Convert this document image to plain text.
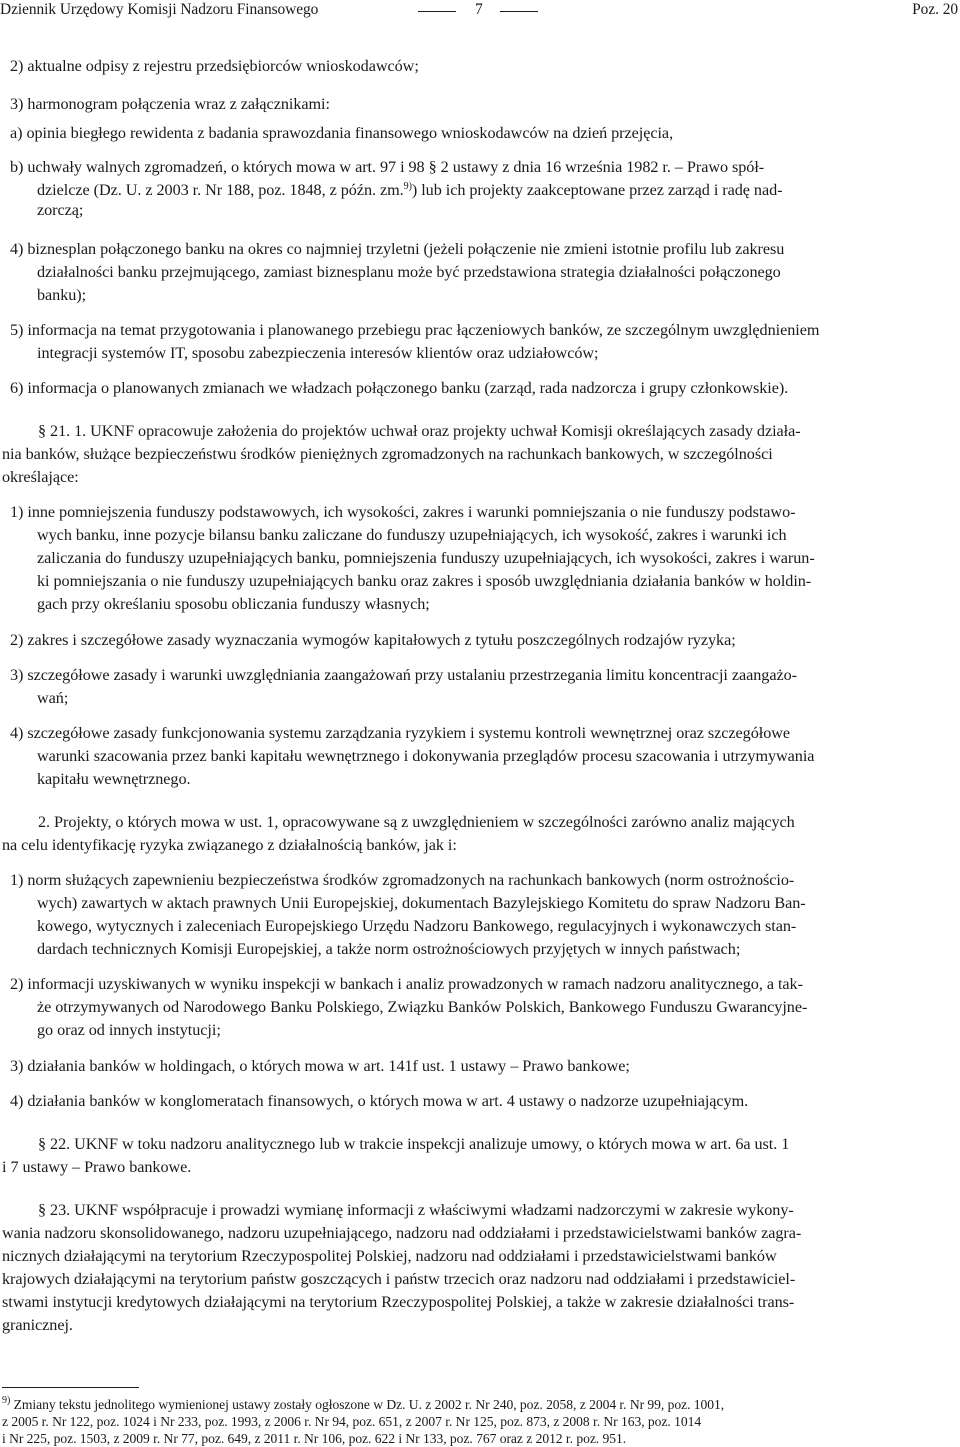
Dziennik Urzędowy Komisji Nadzoru Finansowego	7	Poz. 20
2) aktualne odpisy z rejestru przedsiębiorców wnioskodawców;
3) harmonogram połączenia wraz z załącznikami:
a) opinia biegłego rewidenta z badania sprawozdania finansowego wnioskodawców na dzień przejęcia,
b) uchwały walnych zgromadzeń, o których mowa w art. 97 i 98 § 2 ustawy z dnia 16 września 1982 r. – Prawo spół-
dzielcze (Dz. U. z 2003 r. Nr 188, poz. 1848, z późn. zm.$^{9)}$) lub ich projekty zaakceptowane przez zarząd i radę nad-
zorczą;
4) biznesplan połączonego banku na okres co najmniej trzyletni (jeżeli połączenie nie zmieni istotnie profilu lub zakresu
działalności banku przejmującego, zamiast biznesplanu może być przedstawiona strategia działalności połączonego
banku);
5) informacja na temat przygotowania i planowanego przebiegu prac łączeniowych banków, ze szczególnym uwzględnieniem
integracji systemów IT, sposobu zabezpieczenia interesów klientów oraz udziałowców;
6) informacja o planowanych zmianach we władzach połączonego banku (zarząd, rada nadzorcza i grupy członkowskie).
§ 21. 1. UKNF opracowuje założenia do projektów uchwał oraz projekty uchwał Komisji określających zasady działa-
nia banków, służące bezpieczeństwu środków pieniężnych zgromadzonych na rachunkach bankowych, w szczególności
określające:
1) inne pomniejszenia funduszy podstawowych, ich wysokości, zakres i warunki pomniejszania o nie funduszy podstawo-
wych banku, inne pozycje bilansu banku zaliczane do funduszy uzupełniających, ich wysokość, zakres i warunki ich
zaliczania do funduszy uzupełniających banku, pomniejszenia funduszy uzupełniających, ich wysokości, zakres i warun-
ki pomniejszania o nie funduszy uzupełniających banku oraz zakres i sposób uwzględniania działania banków w holdin-
gach przy określaniu sposobu obliczania funduszy własnych;
2) zakres i szczegółowe zasady wyznaczania wymogów kapitałowych z tytułu poszczególnych rodzajów ryzyka;
3) szczegółowe zasady i warunki uwzględniania zaangażowań przy ustalaniu przestrzegania limitu koncentracji zaangażo-
wań;
4) szczegółowe zasady funkcjonowania systemu zarządzania ryzykiem i systemu kontroli wewnętrznej oraz szczegółowe
warunki szacowania przez banki kapitału wewnętrznego i dokonywania przeglądów procesu szacowania i utrzymywania
kapitału wewnętrznego.
2. Projekty, o których mowa w ust. 1, opracowywane są z uwzględnieniem w szczególności zarówno analiz mających
na celu identyfikację ryzyka związanego z działalnością banków, jak i:
1) norm służących zapewnieniu bezpieczeństwa środków zgromadzonych na rachunkach bankowych (norm ostrożnościo-
wych) zawartych w aktach prawnych Unii Europejskiej, dokumentach Bazylejskiego Komitetu do spraw Nadzoru Ban-
kowego, wytycznych i zaleceniach Europejskiego Urzędu Nadzoru Bankowego, regulacyjnych i wykonawczych stan-
dardach technicznych Komisji Europejskiej, a także norm ostrożnościowych przyjętych w innych państwach;
2) informacji uzyskiwanych w wyniku inspekcji w bankach i analiz prowadzonych w ramach nadzoru analitycznego, a tak-
że otrzymywanych od Narodowego Banku Polskiego, Związku Banków Polskich, Bankowego Funduszu Gwarancyjne-
go oraz od innych instytucji;
3) działania banków w holdingach, o których mowa w art. 141f ust. 1 ustawy – Prawo bankowe;
4) działania banków w konglomeratach finansowych, o których mowa w art. 4 ustawy o nadzorze uzupełniającym.
§ 22. UKNF w toku nadzoru analitycznego lub w trakcie inspekcji analizuje umowy, o których mowa w art. 6a ust. 1
i 7 ustawy – Prawo bankowe.
§ 23. UKNF współpracuje i prowadzi wymianę informacji z właściwymi władzami nadzorczymi w zakresie wykony-
wania nadzoru skonsolidowanego, nadzoru uzupełniającego, nadzoru nad oddziałami i przedstawicielstwami banków zagra-
nicznych działającymi na terytorium Rzeczypospolitej Polskiej, nadzoru nad oddziałami i przedstawicielstwami banków
krajowych działającymi na terytorium państw goszczących i państw trzecich oraz nadzoru nad oddziałami i przedstawiciel-
stwami instytucji kredytowych działającymi na terytorium Rzeczypospolitej Polskiej, a także w zakresie działalności trans-
granicznej.
$^{9)}$ Zmiany tekstu jednolitego wymienionej ustawy zostały ogłoszone w Dz. U. z 2002 r. Nr 240, poz. 2058, z 2004 r. Nr 99, poz. 1001,
z 2005 r. Nr 122, poz. 1024 i Nr 233, poz. 1993, z 2006 r. Nr 94, poz. 651, z 2007 r. Nr 125, poz. 873, z 2008 r. Nr 163, poz. 1014
i Nr 225, poz. 1503, z 2009 r. Nr 77, poz. 649, z 2011 r. Nr 106, poz. 622 i Nr 133, poz. 767 oraz z 2012 r. poz. 951.
